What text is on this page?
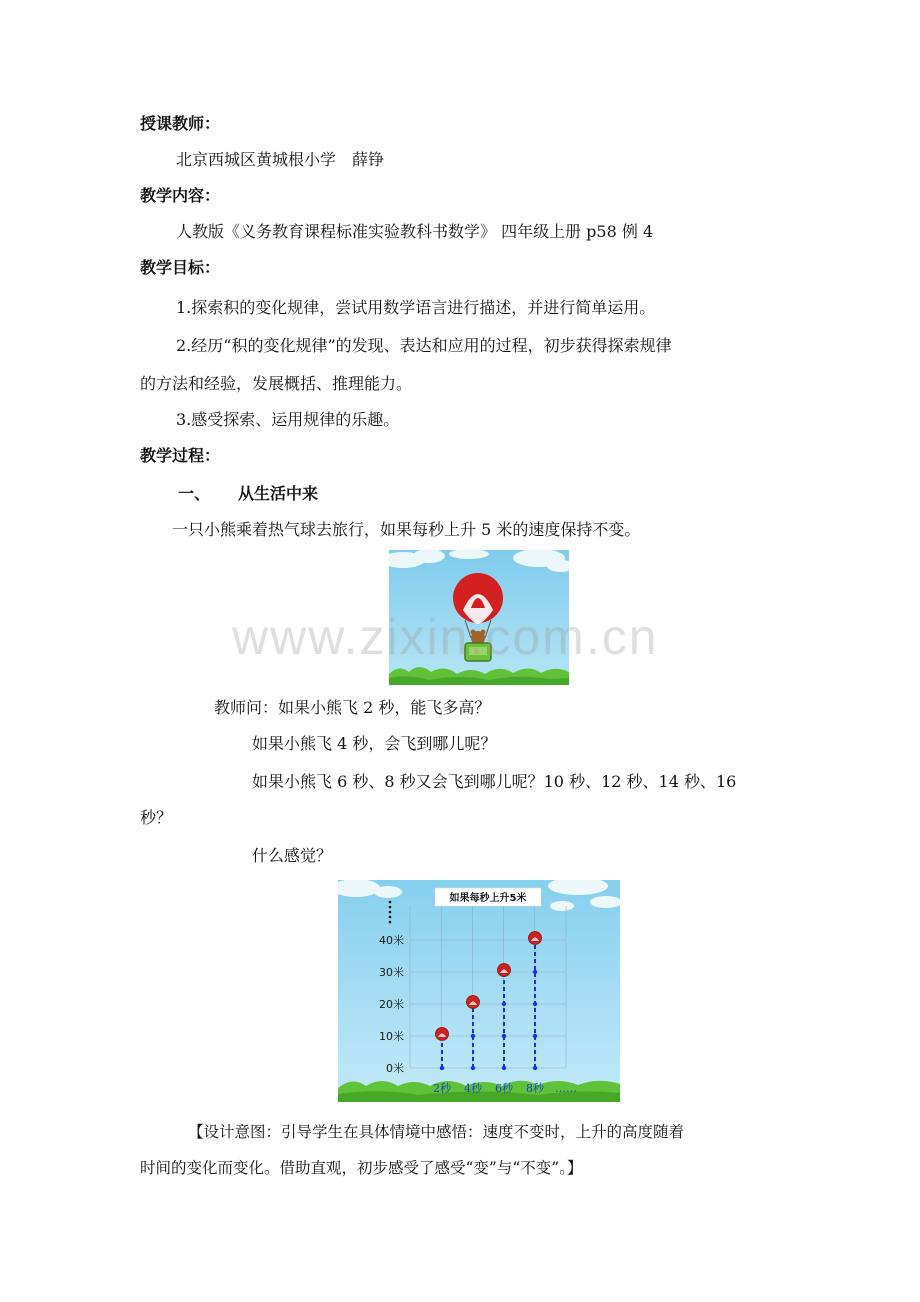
授课教师：
北京西城区黄城根小学　薛铮
教学内容：
人教版《义务教育课程标准实验教科书数学》 四年级上册 p58 例 4
教学目标：
1.探索积的变化规律，尝试用数学语言进行描述，并进行简单运用。
2.经历“积的变化规律”的发现、表达和应用的过程，初步获得探索规律
的方法和经验，发展概括、推理能力。
3.感受探索、运用规律的乐趣。
教学过程：
一、 从生活中来
一只小熊乘着热气球去旅行，如果每秒上升 5 米的速度保持不变。
www.zixin.com.cn
教师问：如果小熊飞 2 秒，能飞多高？
如果小熊飞 4 秒，会飞到哪儿呢？
如果小熊飞 6 秒、8 秒又会飞到哪儿呢？10 秒、12 秒、14 秒、16
秒？
什么感觉？
如果每秒上升5米
0米
10米
20米
30米
40米
2秒 4秒 6秒 8秒 ……
【设计意图：引导学生在具体情境中感悟：速度不变时，上升的高度随着
时间的变化而变化。借助直观，初步感受了感受“变”与“不变”。】
